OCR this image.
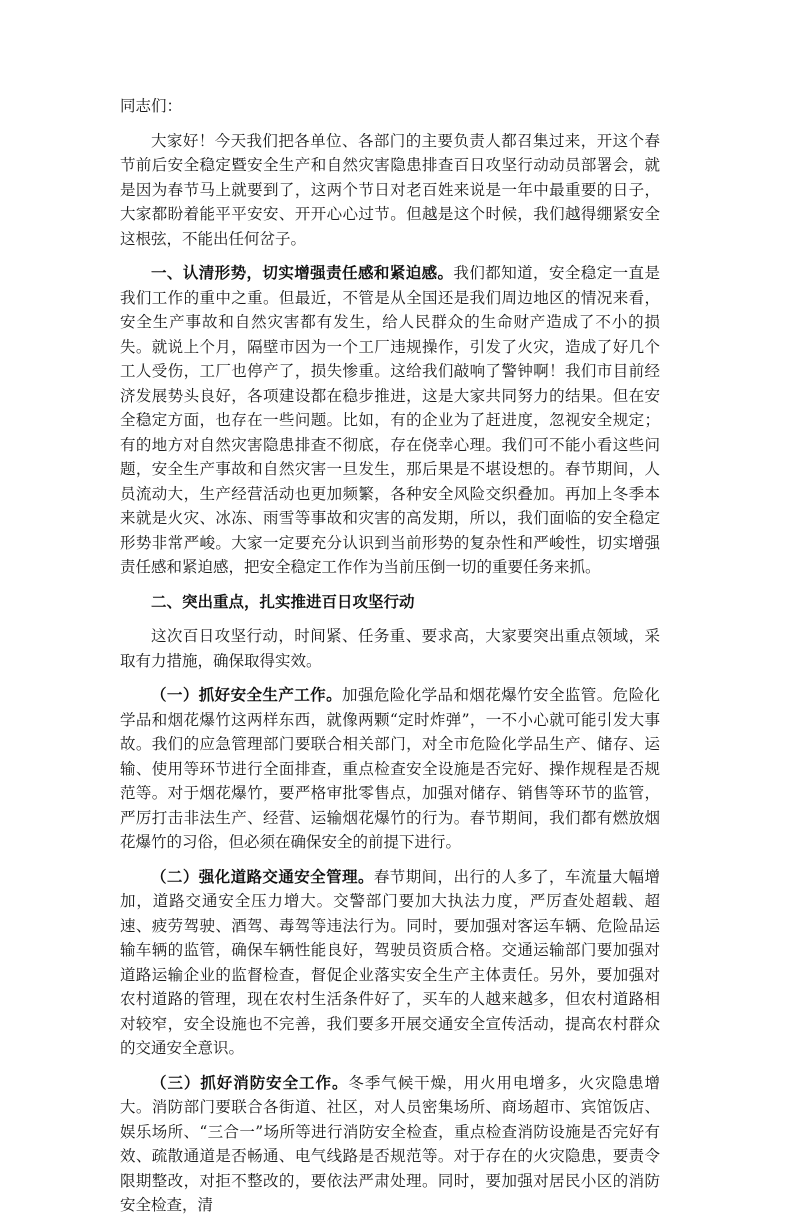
同志们：

大家好！今天我们把各单位、各部门的主要负责人都召集过来，开这个春节前后安全稳定暨安全生产和自然灾害隐患排查百日攻坚行动动员部署会，就是因为春节马上就要到了，这两个节日对老百姓来说是一年中最重要的日子，大家都盼着能平平安安、开开心心过节。但越是这个时候，我们越得绷紧安全这根弦，不能出任何岔子。

一、认清形势，切实增强责任感和紧迫感。我们都知道，安全稳定一直是我们工作的重中之重。但最近，不管是从全国还是我们周边地区的情况来看，安全生产事故和自然灾害都有发生，给人民群众的生命财产造成了不小的损失。就说上个月，隔壁市因为一个工厂违规操作，引发了火灾，造成了好几个工人受伤，工厂也停产了，损失惨重。这给我们敲响了警钟啊！我们市目前经济发展势头良好，各项建设都在稳步推进，这是大家共同努力的结果。但在安全稳定方面，也存在一些问题。比如，有的企业为了赶进度，忽视安全规定；有的地方对自然灾害隐患排查不彻底，存在侥幸心理。我们可不能小看这些问题，安全生产事故和自然灾害一旦发生，那后果是不堪设想的。春节期间，人员流动大，生产经营活动也更加频繁，各种安全风险交织叠加。再加上冬季本来就是火灾、冰冻、雨雪等事故和灾害的高发期，所以，我们面临的安全稳定形势非常严峻。大家一定要充分认识到当前形势的复杂性和严峻性，切实增强责任感和紧迫感，把安全稳定工作作为当前压倒一切的重要任务来抓。

二、突出重点，扎实推进百日攻坚行动

这次百日攻坚行动，时间紧、任务重、要求高，大家要突出重点领域，采取有力措施，确保取得实效。

（一）抓好安全生产工作。加强危险化学品和烟花爆竹安全监管。危险化学品和烟花爆竹这两样东西，就像两颗“定时炸弹”，一不小心就可能引发大事故。我们的应急管理部门要联合相关部门，对全市危险化学品生产、储存、运输、使用等环节进行全面排查，重点检查安全设施是否完好、操作规程是否规范等。对于烟花爆竹，要严格审批零售点，加强对储存、销售等环节的监管，严厉打击非法生产、经营、运输烟花爆竹的行为。春节期间，我们都有燃放烟花爆竹的习俗，但必须在确保安全的前提下进行。

（二）强化道路交通安全管理。春节期间，出行的人多了，车流量大幅增加，道路交通安全压力增大。交警部门要加大执法力度，严厉查处超载、超速、疲劳驾驶、酒驾、毒驾等违法行为。同时，要加强对客运车辆、危险品运输车辆的监管，确保车辆性能良好，驾驶员资质合格。交通运输部门要加强对道路运输企业的监督检查，督促企业落实安全生产主体责任。另外，要加强对农村道路的管理，现在农村生活条件好了，买车的人越来越多，但农村道路相对较窄，安全设施也不完善，我们要多开展交通安全宣传活动，提高农村群众的交通安全意识。

（三）抓好消防安全工作。冬季气候干燥，用火用电增多，火灾隐患增大。消防部门要联合各街道、社区，对人员密集场所、商场超市、宾馆饭店、娱乐场所、“三合一”场所等进行消防安全检查，重点检查消防设施是否完好有效、疏散通道是否畅通、电气线路是否规范等。对于存在的火灾隐患，要责令限期整改，对拒不整改的，要依法严肃处理。同时，要加强对居民小区的消防安全检查，清
